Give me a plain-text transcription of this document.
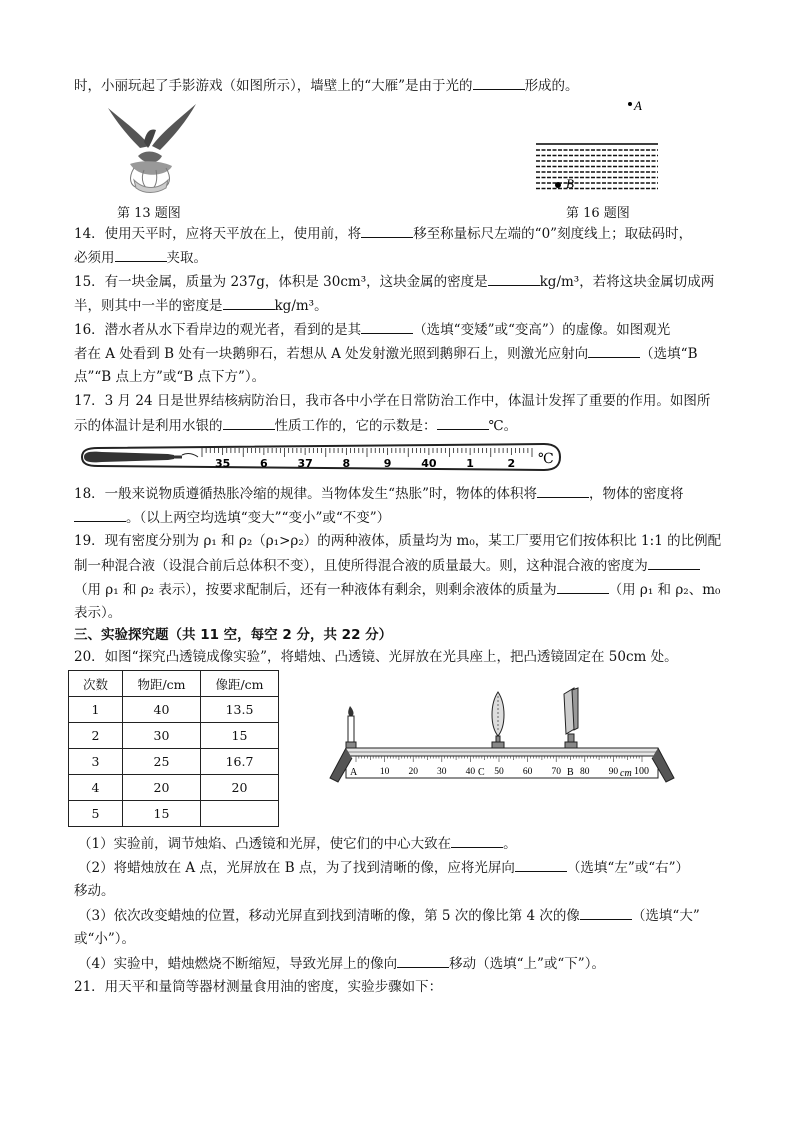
时，小丽玩起了手影游戏（如图所示），墙壁上的“大雁”是由于光的	形成的。
第 13 题图
A
B
第 16 题图
14．使用天平时，应将天平放在上，使用前，将	移至称量标尺左端的“0”刻度线上；取砝码时，
必须用	夹取。
15．有一块金属，质量为 237g，体积是 30cm³，这块金属的密度是	kg/m³，若将这块金属切成两
半，则其中一半的密度是	kg/m³。
16．潜水者从水下看岸边的观光者，看到的是其	（选填“变矮”或“变高”）的虚像。如图观光
者在 A 处看到 B 处有一块鹅卵石，若想从 A 处发射激光照到鹅卵石上，则激光应射向	（选填“B
点”“B 点上方”或“B 点下方”）。
17．3 月 24 日是世界结核病防治日，我市各中小学在日常防治工作中，体温计发挥了重要的作用。如图所
示的体温计是利用水银的	性质工作的，它的示数是：	℃。
35	6	37	8	9	40	1	2 ℃
18．一般来说物质遵循热胀冷缩的规律。当物体发生“热胀”时，物体的体积将	，物体的密度将
。（以上两空均选填“变大”“变小”或“不变”）
19．现有密度分别为 ρ₁ 和 ρ₂（ρ₁>ρ₂）的两种液体，质量均为 m₀，某工厂要用它们按体积比 1:1 的比例配
制一种混合液（设混合前后总体积不变），且使所得混合液的质量最大。则，这种混合液的密度为
（用 ρ₁ 和 ρ₂ 表示），按要求配制后，还有一种液体有剩余，则剩余液体的质量为	（用 ρ₁ 和 ρ₂、m₀
表示）。
三、实验探究题（共 11 空，每空 2 分，共 22 分）
20．如图“探究凸透镜成像实验”，将蜡烛、凸透镜、光屏放在光具座上，把凸透镜固定在 50cm 处。
次数	物距/cm	像距/cm
1	40	13.5
2	30	15
3	25	16.7
4	20	20
5	15	
10 20 30 40 50 60 70 80 90
A	C	B	cm 100
（1）实验前，调节烛焰、凸透镜和光屏，使它们的中心大致在	。
（2）将蜡烛放在 A 点，光屏放在 B 点，为了找到清晰的像，应将光屏向	（选填“左”或“右”）
移动。
（3）依次改变蜡烛的位置，移动光屏直到找到清晰的像，第 5 次的像比第 4 次的像	（选填“大”
或“小”）。
（4）实验中，蜡烛燃烧不断缩短，导致光屏上的像向	移动（选填“上”或“下”）。
21．用天平和量筒等器材测量食用油的密度，实验步骤如下：
